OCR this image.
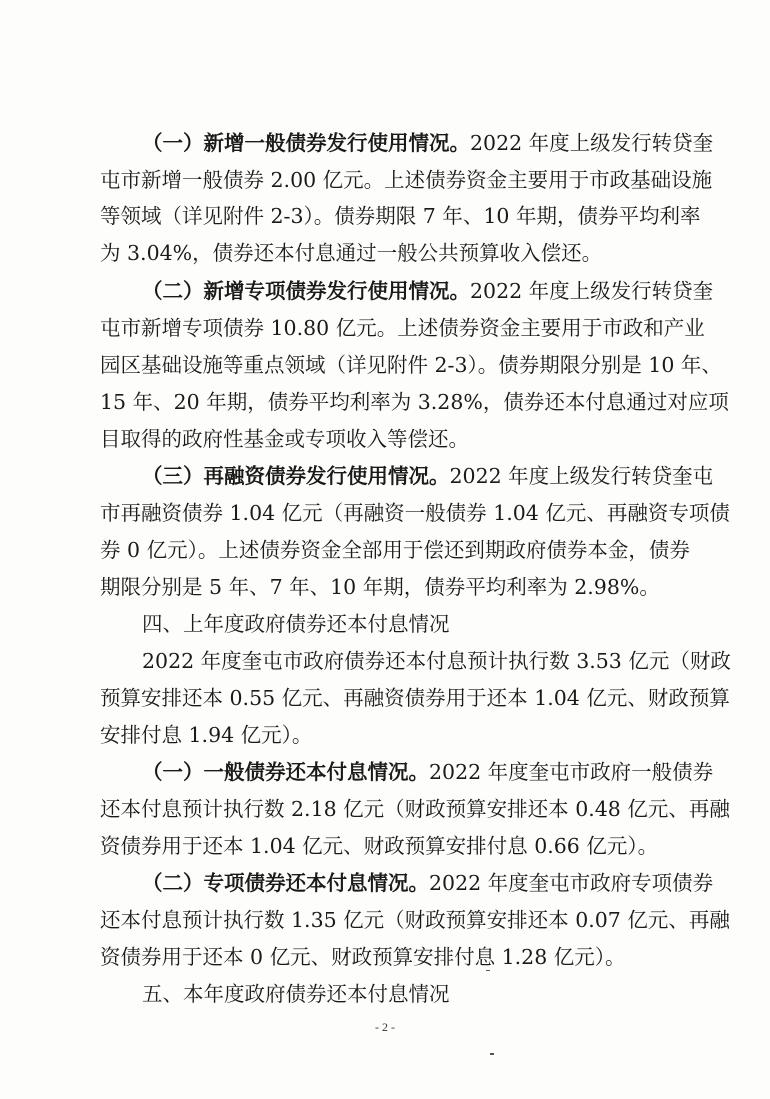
（一）新增一般债券发行使用情况。2022 年度上级发行转贷奎
屯市新增一般债券 2.00 亿元。上述债券资金主要用于市政基础设施
等领域（详见附件 2-3）。债券期限 7 年、10 年期，债券平均利率
为 3.04%，债券还本付息通过一般公共预算收入偿还。
（二）新增专项债券发行使用情况。2022 年度上级发行转贷奎
屯市新增专项债券 10.80 亿元。上述债券资金主要用于市政和产业
园区基础设施等重点领域（详见附件 2-3）。债券期限分别是 10 年、
15 年、20 年期，债券平均利率为 3.28%，债券还本付息通过对应项
目取得的政府性基金或专项收入等偿还。
（三）再融资债券发行使用情况。2022 年度上级发行转贷奎屯
市再融资债券 1.04 亿元（再融资一般债券 1.04 亿元、再融资专项债
券 0 亿元）。上述债券资金全部用于偿还到期政府债券本金，债券
期限分别是 5 年、7 年、10 年期，债券平均利率为 2.98%。
四、上年度政府债券还本付息情况
2022 年度奎屯市政府债券还本付息预计执行数 3.53 亿元（财政
预算安排还本 0.55 亿元、再融资债券用于还本 1.04 亿元、财政预算
安排付息 1.94 亿元）。
（一）一般债券还本付息情况。2022 年度奎屯市政府一般债券
还本付息预计执行数 2.18 亿元（财政预算安排还本 0.48 亿元、再融
资债券用于还本 1.04 亿元、财政预算安排付息 0.66 亿元）。
（二）专项债券还本付息情况。2022 年度奎屯市政府专项债券
还本付息预计执行数 1.35 亿元（财政预算安排还本 0.07 亿元、再融
资债券用于还本 0 亿元、财政预算安排付息 1.28 亿元）。
- 2 -
五、本年度政府债券还本付息情况
